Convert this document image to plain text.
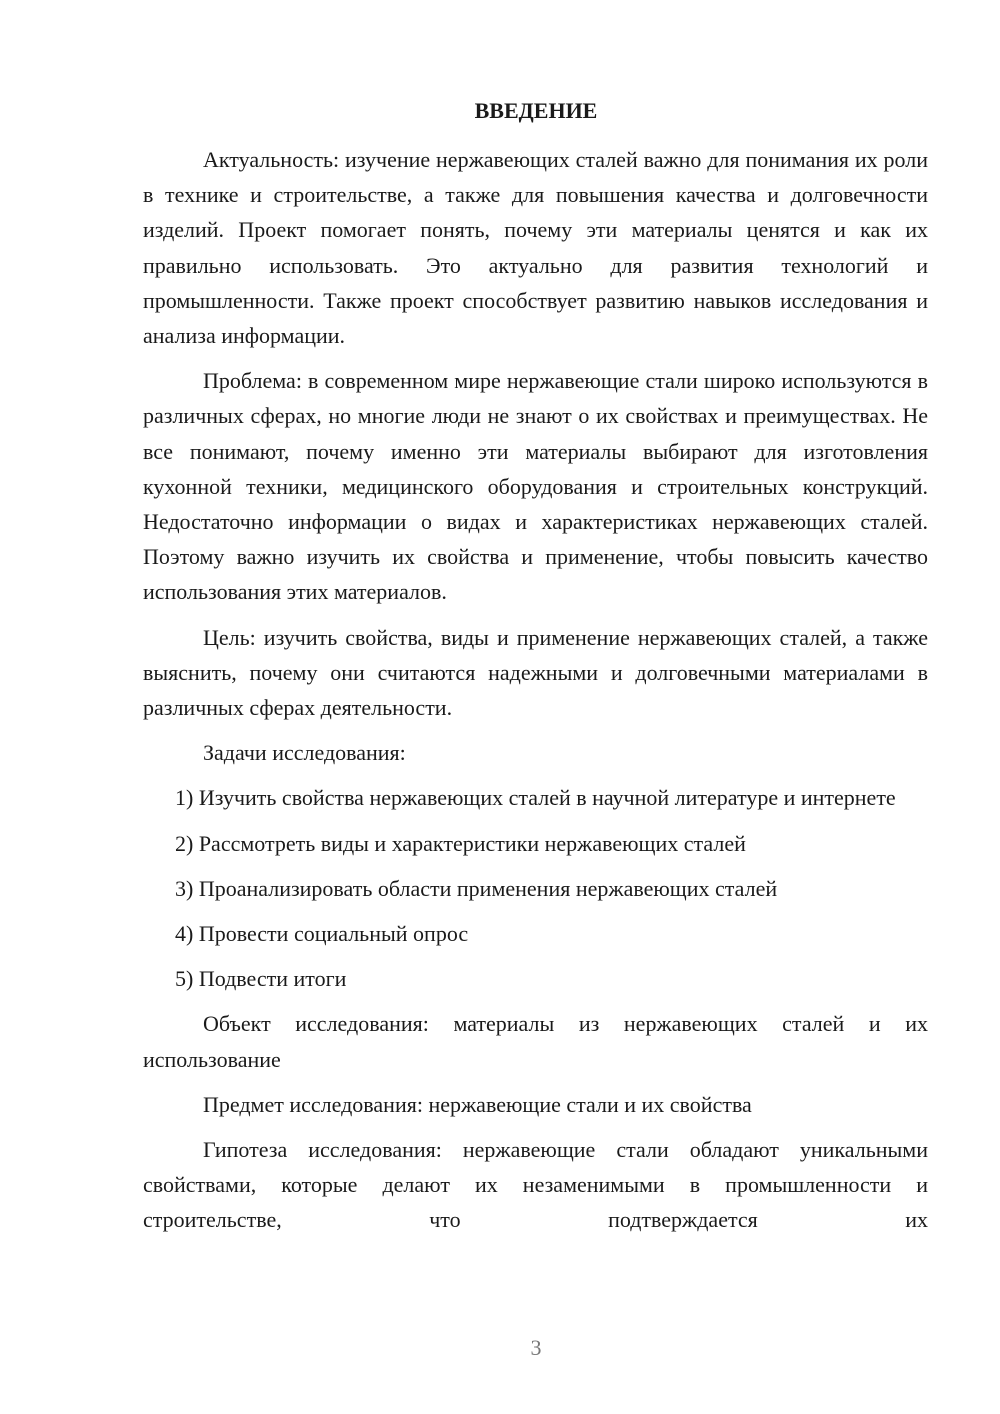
ВВЕДЕНИЕ

Актуальность: изучение нержавеющих сталей важно для понимания их роли в технике и строительстве, а также для повышения качества и долговечности изделий. Проект помогает понять, почему эти материалы ценятся и как их правильно использовать. Это актуально для развития технологий и промышленности. Также проект способствует развитию навыков исследования и анализа информации.

Проблема: в современном мире нержавеющие стали широко используются в различных сферах, но многие люди не знают о их свойствах и преимуществах. Не все понимают, почему именно эти материалы выбирают для изготовления кухонной техники, медицинского оборудования и строительных конструкций. Недостаточно информации о видах и характеристиках нержавеющих сталей. Поэтому важно изучить их свойства и применение, чтобы повысить качество использования этих материалов.

Цель: изучить свойства, виды и применение нержавеющих сталей, а также выяснить, почему они считаются надежными и долговечными материалами в различных сферах деятельности.

Задачи исследования:

1) Изучить свойства нержавеющих сталей в научной литературе и интернете

2) Рассмотреть виды и характеристики нержавеющих сталей

3) Проанализировать области применения нержавеющих сталей

4) Провести социальный опрос

5) Подвести итоги

Объект исследования: материалы из нержавеющих сталей и их использование

Предмет исследования: нержавеющие стали и их свойства

Гипотеза исследования: нержавеющие стали обладают уникальными свойствами, которые делают их незаменимыми в промышленности и строительстве, что подтверждается их

3
